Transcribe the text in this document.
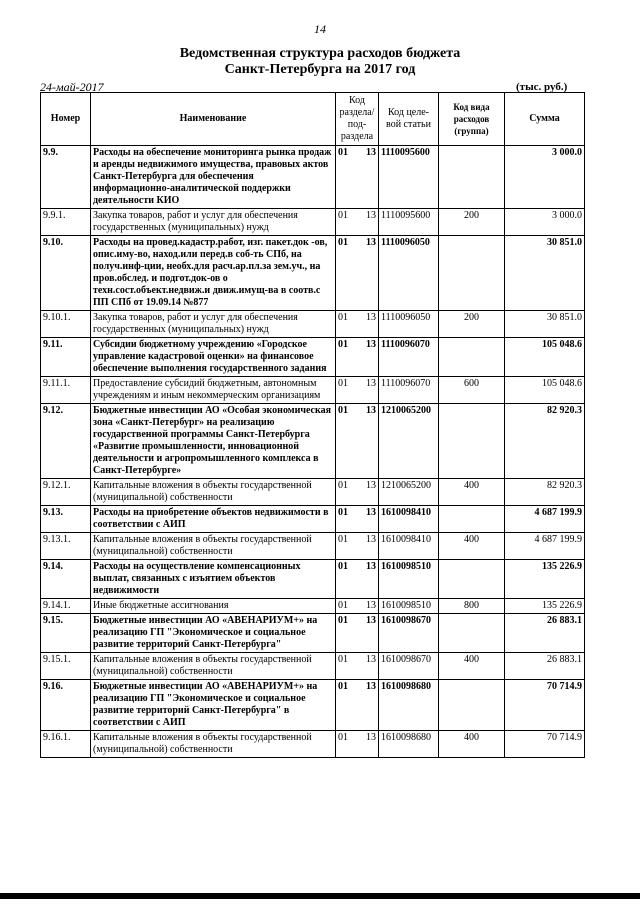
14
Ведомственная структура расходов бюджета
Санкт-Петербурга на 2017 год
24-май-2017	(тыс. руб.)
Номер	Наименование	Код раздела/ под- раздела	Код целе- вой статьи	Код вида расходов (группа)	Сумма
9.9.	Расходы на обеспечение мониторинга рынка продаж и аренды недвижимого имущества, правовых актов Санкт-Петербурга для обеспечения информационно-аналитической поддержки деятельности КИО	01 13	1110095600		3 000.0
9.9.1.	Закупка товаров, работ и услуг для обеспечения государственных (муниципальных) нужд	01 13	1110095600	200	3 000.0
9.10.	Расходы на провед.кадастр.работ, изг. пакет.док -ов, опис.иму-во, наход.или перед.в соб-ть СПб, на получ.инф-ции, необх.для расч.ар.пл.за зем.уч., на пров.обслед. и подгот.док-ов о техн.сост.объект.недвиж.и движ.имущ-ва в соотв.с ПП СПб от 19.09.14 №877	01 13	1110096050		30 851.0
9.10.1.	Закупка товаров, работ и услуг для обеспечения государственных (муниципальных) нужд	01 13	1110096050	200	30 851.0
9.11.	Субсидии бюджетному учреждению «Городское управление кадастровой оценки» на финансовое обеспечение выполнения государственного задания	01 13	1110096070		105 048.6
9.11.1.	Предоставление субсидий бюджетным, автономным учреждениям и иным некоммерческим организациям	01 13	1110096070	600	105 048.6
9.12.	Бюджетные инвестиции АО «Особая экономическая зона «Санкт-Петербург» на реализацию государственной программы Санкт-Петербурга «Развитие промышленности, инновационной деятельности и агропромышленного комплекса в Санкт-Петербурге»	01 13	1210065200		82 920.3
9.12.1.	Капитальные вложения в объекты государственной (муниципальной) собственности	01 13	1210065200	400	82 920.3
9.13.	Расходы на приобретение объектов недвижимости в соответствии с АИП	01 13	1610098410		4 687 199.9
9.13.1.	Капитальные вложения в объекты государственной (муниципальной) собственности	01 13	1610098410	400	4 687 199.9
9.14.	Расходы на осуществление компенсационных выплат, связанных с изъятием объектов недвижимости	01 13	1610098510		135 226.9
9.14.1.	Иные бюджетные ассигнования	01 13	1610098510	800	135 226.9
9.15.	Бюджетные инвестиции АО «АВЕНАРИУМ+» на реализацию ГП "Экономическое и социальное развитие территорий Санкт-Петербурга"	01 13	1610098670		26 883.1
9.15.1.	Капитальные вложения в объекты государственной (муниципальной) собственности	01 13	1610098670	400	26 883.1
9.16.	Бюджетные инвестиции АО «АВЕНАРИУМ+» на реализацию ГП "Экономическое и социальное развитие территорий Санкт-Петербурга" в соответствии с АИП	01 13	1610098680		70 714.9
9.16.1.	Капитальные вложения в объекты государственной (муниципальной) собственности	01 13	1610098680	400	70 714.9
